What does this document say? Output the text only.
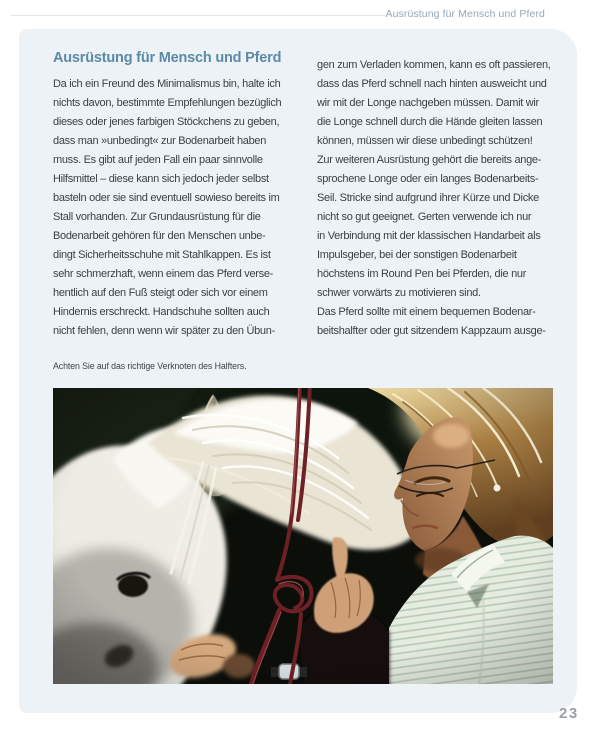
Ausrüstung für Mensch und Pferd
Ausrüstung für Mensch und Pferd
Da ich ein Freund des Minimalismus bin, halte ich
nichts davon, bestimmte Empfehlungen bezüglich
dieses oder jenes farbigen Stöckchens zu geben,
dass man »unbedingt« zur Bodenarbeit haben
muss. Es gibt auf jeden Fall ein paar sinnvolle
Hilfsmittel – diese kann sich jedoch jeder selbst
basteln oder sie sind eventuell sowieso bereits im
Stall vorhanden. Zur Grundausrüstung für die
Bodenarbeit gehören für den Menschen unbe-
dingt Sicherheitsschuhe mit Stahlkappen. Es ist
sehr schmerzhaft, wenn einem das Pferd verse-
hentlich auf den Fuß steigt oder sich vor einem
Hindernis erschreckt. Handschuhe sollten auch
nicht fehlen, denn wenn wir später zu den Übun-
gen zum Verladen kommen, kann es oft passieren,
dass das Pferd schnell nach hinten ausweicht und
wir mit der Longe nachgeben müssen. Damit wir
die Longe schnell durch die Hände gleiten lassen
können, müssen wir diese unbedingt schützen!
Zur weiteren Ausrüstung gehört die bereits ange-
sprochene Longe oder ein langes Bodenarbeits-
Seil. Stricke sind aufgrund ihrer Kürze und Dicke
nicht so gut geeignet. Gerten verwende ich nur
in Verbindung mit der klassischen Handarbeit als
Impulsgeber, bei der sonstigen Bodenarbeit
höchstens im Round Pen bei Pferden, die nur
schwer vorwärts zu motivieren sind.
Das Pferd sollte mit einem bequemen Bodenar-
beitshalfter oder gut sitzendem Kappzaum ausge-
Achten Sie auf das richtige Verknoten des Halfters.
23
